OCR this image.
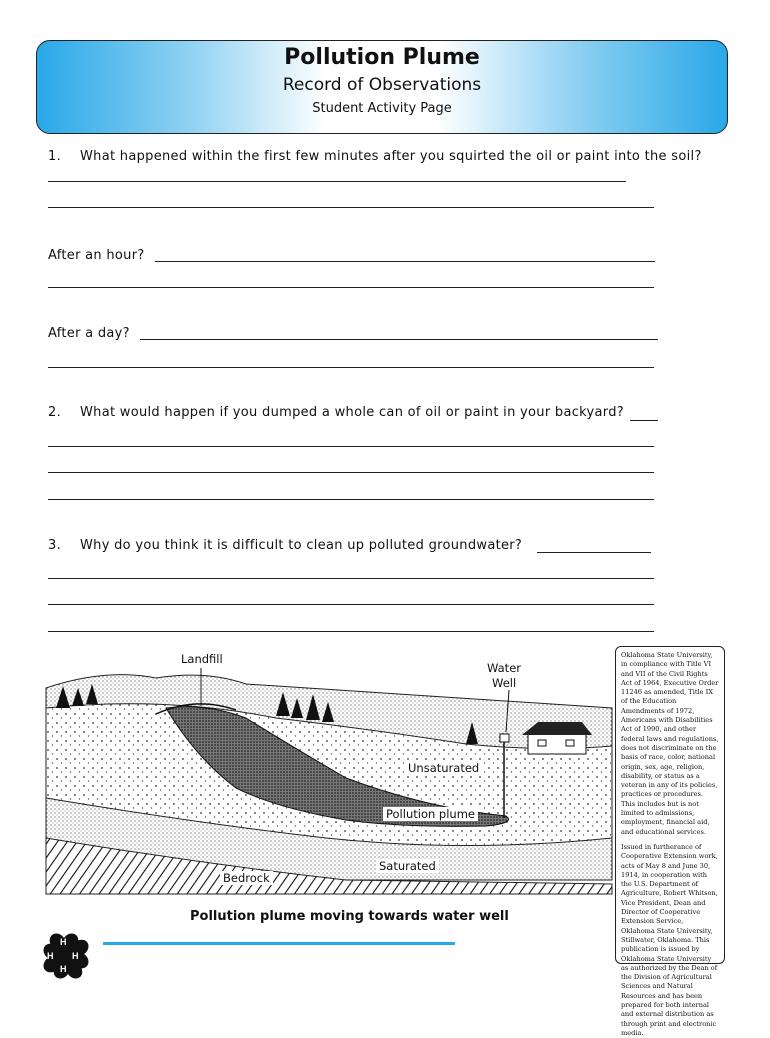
Pollution Plume
Record of Observations
Student Activity Page
1. What happened within the first few minutes after you squirted the oil or paint into the soil?
After an hour?
After a day?
2. What would happen if you dumped a whole can of oil or paint in your backyard?
3. Why do you think it is difficult to clean up polluted groundwater?
Landfill
Water
Well
Unsaturated
Pollution plume
Saturated
Bedrock
Pollution plume moving towards water well
H
H
H
H

Oklahoma State University, in compliance with Title VI and VII of the Civil Rights Act of 1964, Executive Order 11246 as amended, Title IX of the Education Amendments of 1972, Americans with Disabilities Act of 1990, and other federal laws and regulations, does not discriminate on the basis of race, color, national origin, sex, age, religion, disability, or status as a veteran in any of its policies, practices or procedures. This includes but is not limited to admissions, employment, financial aid, and educational services.

Issued in furtherance of Cooperative Extension work, acts of May 8 and June 30, 1914, in cooperation with the U.S. Department of Agriculture, Robert Whitson, Vice President, Dean and Director of Cooperative Extension Service, Oklahoma State University, Stillwater, Oklahoma. This publication is issued by Oklahoma State University as authorized by the Dean of the Division of Agricultural Sciences and Natural Resources and has been prepared for both internal and external distribution as through print and electronic media.
